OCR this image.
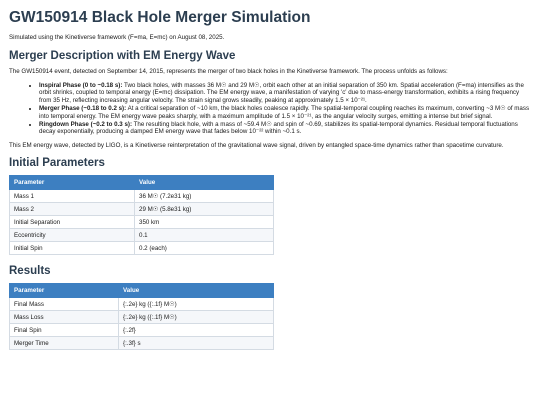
GW150914 Black Hole Merger Simulation

Simulated using the Kinetiverse framework (F=ma, E=mc) on August 08, 2025.

Merger Description with EM Energy Wave

The GW150914 event, detected on September 14, 2015, represents the merger of two black holes in the Kinetiverse framework. The process unfolds as follows:

• Inspiral Phase (0 to ~0.18 s): Two black holes, with masses 36 M☉ and 29 M☉, orbit each other at an initial separation of 350 km. Spatial acceleration (F=ma) intensifies as the orbit shrinks, coupled to temporal energy (E=mc) dissipation. The EM energy wave, a manifestation of varying 'c' due to mass-energy transformation, exhibits a rising frequency from 35 Hz, reflecting increasing angular velocity. The strain signal grows steadily, peaking at approximately 1.5 × 10⁻²¹.
• Merger Phase (~0.18 to 0.2 s): At a critical separation of ~10 km, the black holes coalesce rapidly. The spatial-temporal coupling reaches its maximum, converting ~3 M☉ of mass into temporal energy. The EM energy wave peaks sharply, with a maximum amplitude of 1.5 × 10⁻²¹, as the angular velocity surges, emitting a intense but brief signal.
• Ringdown Phase (~0.2 to 0.3 s): The resulting black hole, with a mass of ~59.4 M☉ and spin of ~0.69, stabilizes its spatial-temporal dynamics. Residual temporal fluctuations decay exponentially, producing a damped EM energy wave that fades below 10⁻²² within ~0.1 s.

This EM energy wave, detected by LIGO, is a Kinetiverse reinterpretation of the gravitational wave signal, driven by entangled space-time dynamics rather than spacetime curvature.

Initial Parameters
Parameter	Value
Mass 1	36 M☉ (7.2e31 kg)
Mass 2	29 M☉ (5.8e31 kg)
Initial Separation	350 km
Eccentricity	0.1
Initial Spin	0.2 (each)
Results
Parameter	Value
Final Mass	{:.2e} kg ({:.1f} M☉)
Mass Loss	{:.2e} kg ({:.1f} M☉)
Final Spin	{:.2f}
Merger Time	{:.3f} s
